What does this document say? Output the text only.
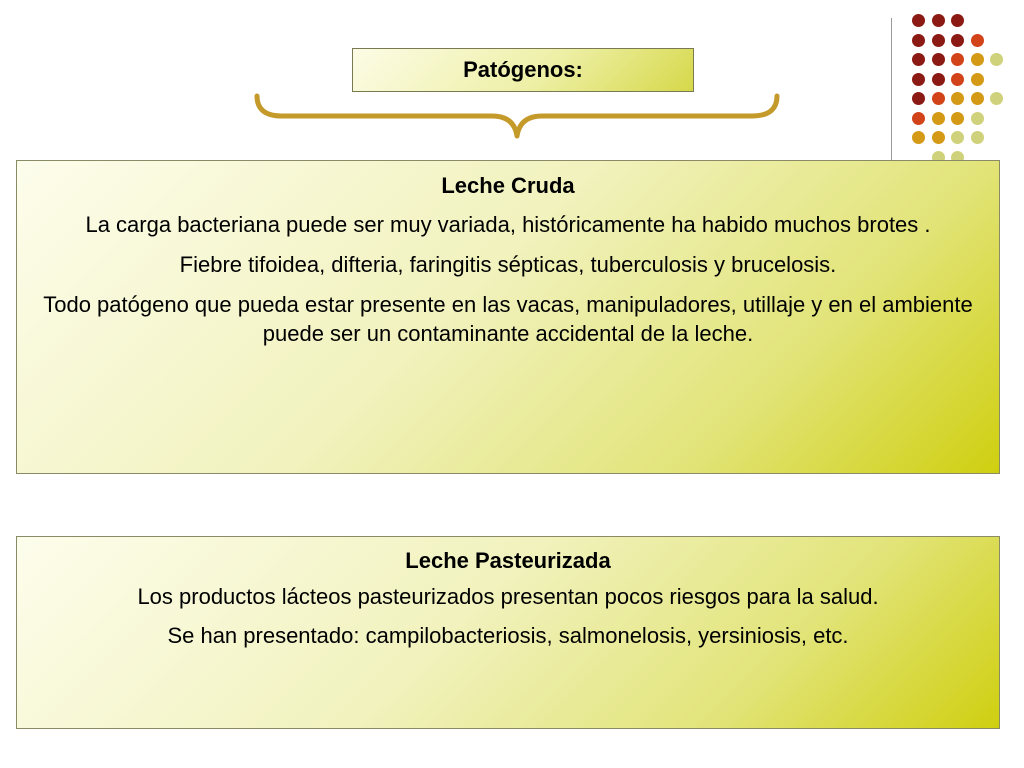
Patógenos:
Leche Cruda

La carga bacteriana puede ser muy variada, históricamente ha habido muchos brotes .

Fiebre tifoidea, difteria, faringitis sépticas, tuberculosis y brucelosis.

Todo patógeno que pueda estar presente en las vacas, manipuladores, utillaje y en el ambiente puede ser un contaminante accidental de la leche.

Leche Pasteurizada

Los productos lácteos pasteurizados presentan pocos riesgos para la salud.

Se han presentado: campilobacteriosis, salmonelosis, yersiniosis, etc.
